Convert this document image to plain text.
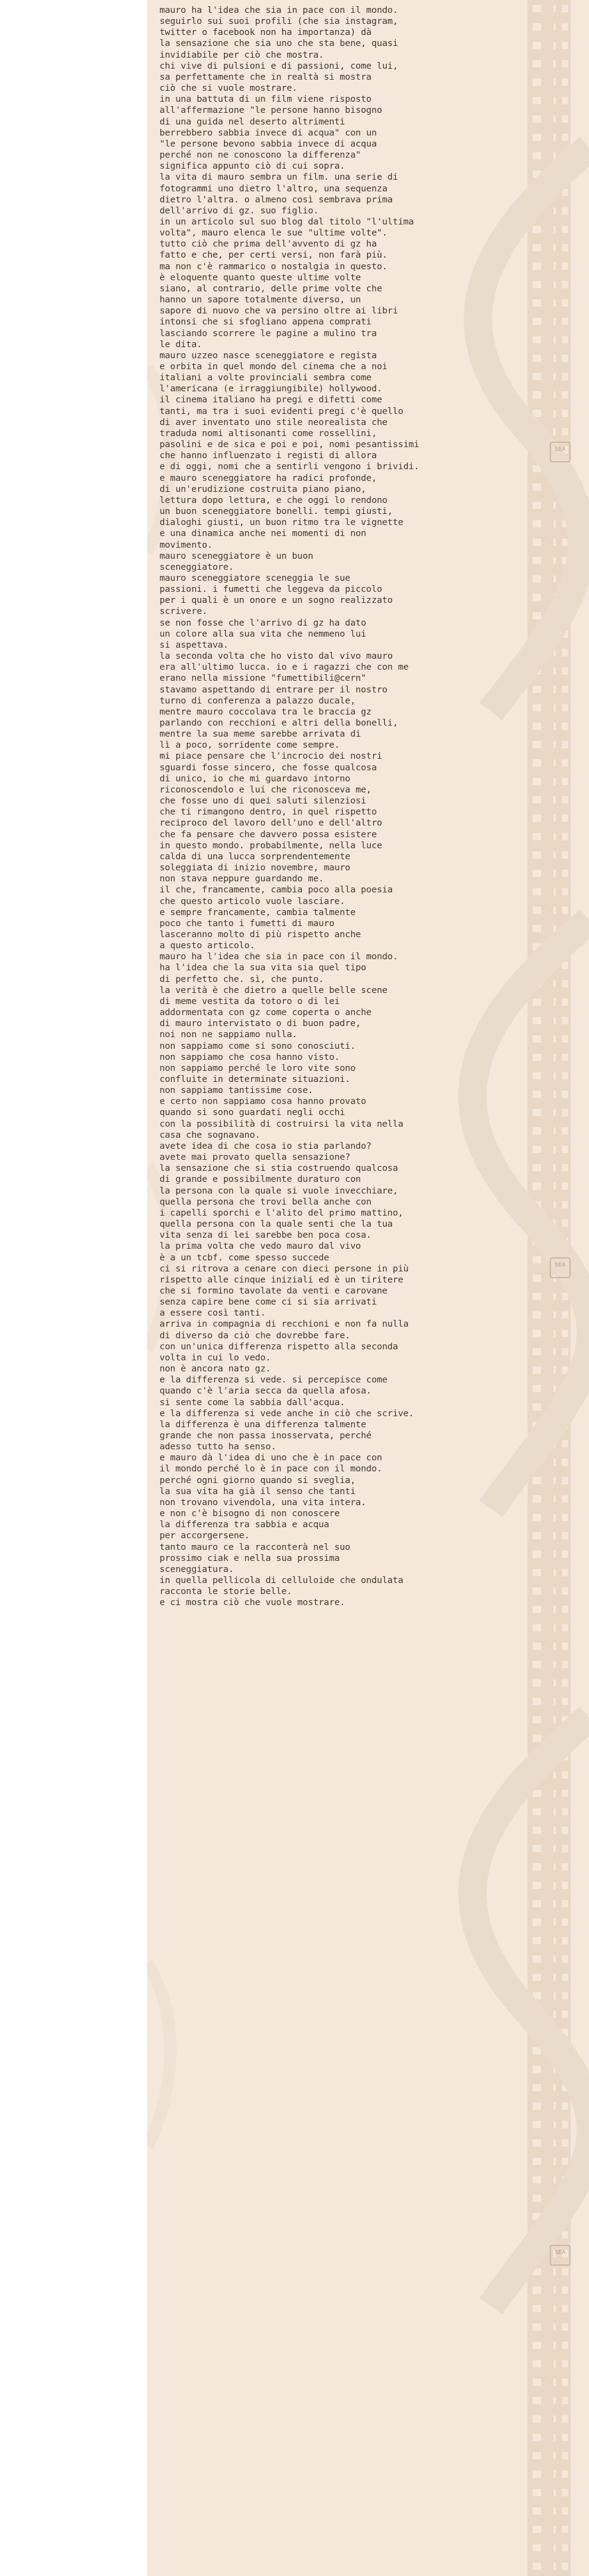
SEA
SEA
SEA

mauro ha l'idea che sia in pace con il mondo.
seguirlo sui suoi profili (che sia instagram,
twitter o facebook non ha importanza) dà
la sensazione che sia uno che sta bene, quasi
invidiabile per ciò che mostra.
chi vive di pulsioni e di passioni, come lui,
sa perfettamente che in realtà si mostra
ciò che si vuole mostrare.

in una battuta di un film viene risposto
all'affermazione "le persone hanno bisogno
di una guida nel deserto altrimenti
berrebbero sabbia invece di acqua" con un
"le persone bevono sabbia invece di acqua
perché non ne conoscono la differenza"
significa appunto ciò di cui sopra.

la vita di mauro sembra un film. una serie di
fotogrammi uno dietro l'altro, una sequenza
dietro l'altra. o almeno così sembrava prima
dell'arrivo di gz. suo figlio.

in un articolo sul suo blog dal titolo "l'ultima
volta", mauro elenca le sue "ultime volte".
tutto ciò che prima dell'avvento di gz ha
fatto e che, per certi versi, non farà più.
ma non c'è rammarico o nostalgia in questo.
è eloquente quanto queste ultime volte
siano, al contrario, delle prime volte che
hanno un sapore totalmente diverso, un
sapore di nuovo che va persino oltre ai libri
intonsi che si sfogliano appena comprati
lasciando scorrere le pagine a mulino tra
le dita.

mauro uzzeo nasce sceneggiatore e regista
e orbita in quel mondo del cinema che a noi
italiani a volte provinciali sembra come
l'americana (e irraggiungibile) hollywood.

il cinema italiano ha pregi e difetti come
tanti, ma tra i suoi evidenti pregi c'è quello
di aver inventato uno stile neorealista che
traduda nomi altisonanti come rossellini,
pasolini e de sica e poi e poi, nomi pesantissimi
che hanno influenzato i registi di allora
e di oggi, nomi che a sentirli vengono i brividi.

e mauro sceneggiatore ha radici profonde,
di un'erudizione costruita piano piano,
lettura dopo lettura, e che oggi lo rendono
un buon sceneggiatore bonelli. tempi giusti,
dialoghi giusti, un buon ritmo tra le vignette
e una dinamica anche nei momenti di non
movimento.

mauro sceneggiatore è un buon
sceneggiatore.

mauro sceneggiatore sceneggia le sue
passioni. i fumetti che leggeva da piccolo
per i quali è un onore e un sogno realizzato
scrivere.

se non fosse che l'arrivo di gz ha dato
un colore alla sua vita che nemmeno lui
si aspettava.

la seconda volta che ho visto dal vivo mauro
era all'ultimo lucca. io e i ragazzi che con me
erano nella missione "fumettibili@cern"
stavamo aspettando di entrare per il nostro
turno di conferenza a palazzo ducale,
mentre mauro coccolava tra le braccia gz
parlando con recchioni e altri della bonelli,
mentre la sua meme sarebbe arrivata di
lì a poco, sorridente come sempre.

mi piace pensare che l'incrocio dei nostri
sguardi fosse sincero, che fosse qualcosa
di unico, io che mi guardavo intorno
riconoscendolo e lui che riconosceva me,
che fosse uno di quei saluti silenziosi
che ti rimangono dentro, in quel rispetto
reciproco del lavoro dell'uno e dell'altro
che fa pensare che davvero possa esistere
in questo mondo. probabilmente, nella luce
calda di una lucca sorprendentemente
soleggiata di inizio novembre, mauro
non stava neppure guardando me.

il che, francamente, cambia poco alla poesia
che questo articolo vuole lasciare.

e sempre francamente, cambia talmente
poco che tanto i fumetti di mauro
lasceranno molto di più rispetto anche
a questo articolo.

mauro ha l'idea che sia in pace con il mondo.
ha l'idea che la sua vita sia quel tipo
di perfetto che. sì, che punto.

la verità è che dietro a quelle belle scene
di meme vestita da totoro o di lei
addormentata con gz come coperta o anche
di mauro intervistato o di buon padre,
noi non ne sappiamo nulla.

non sappiamo come si sono conosciuti.
non sappiamo che cosa hanno visto.
non sappiamo perché le loro vite sono
confluite in determinate situazioni.
non sappiamo tantissime cose.

e certo non sappiamo cosa hanno provato
quando si sono guardati negli occhi
con la possibilità di costruirsi la vita nella
casa che sognavano.

avete idea di che cosa io stia parlando?
avete mai provato quella sensazione?

la sensazione che si stia costruendo qualcosa
di grande e possibilmente duraturo con
la persona con la quale si vuole invecchiare,
quella persona che trovi bella anche con
i capelli sporchi e l'alito del primo mattino,
quella persona con la quale senti che la tua
vita senza di lei sarebbe ben poca cosa.

la prima volta che vedo mauro dal vivo
è a un tcbf. come spesso succede
ci si ritrova a cenare con dieci persone in più
rispetto alle cinque iniziali ed è un tiritere
che si formino tavolate da venti e carovane
senza capire bene come ci si sia arrivati
a essere così tanti.

arriva in compagnia di recchioni e non fa nulla
di diverso da ciò che dovrebbe fare.

con un'unica differenza rispetto alla seconda
volta in cui lo vedo.

non è ancora nato gz.

e la differenza si vede. si percepisce come
quando c'è l'aria secca da quella afosa.
si sente come la sabbia dall'acqua.

e la differenza si vede anche in ciò che scrive.
la differenza è una differenza talmente
grande che non passa inosservata, perché
adesso tutto ha senso.

e mauro dà l'idea di uno che è in pace con
il mondo perché lo è in pace con il mondo.
perché ogni giorno quando si sveglia,
la sua vita ha già il senso che tanti
non trovano vivendola, una vita intera.

e non c'è bisogno di non conoscere
la differenza tra sabbia e acqua
per accorgersene.

tanto mauro ce la racconterà nel suo
prossimo ciak e nella sua prossima
sceneggiatura.

in quella pellicola di celluloide che ondulata
racconta le storie belle.

e ci mostra ciò che vuole mostrare.
